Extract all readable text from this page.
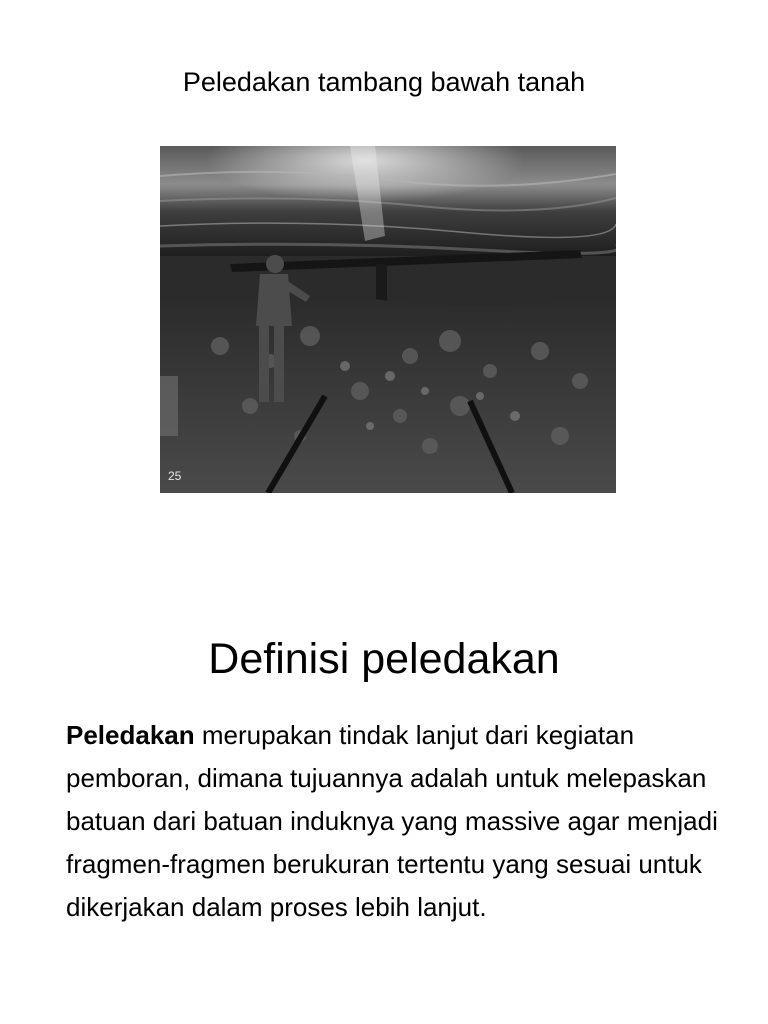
Peledakan tambang bawah tanah
25
Definisi peledakan

Peledakan merupakan tindak lanjut dari kegiatan pemboran, dimana tujuannya adalah untuk melepaskan batuan dari batuan induknya yang massive agar menjadi fragmen-fragmen berukuran tertentu yang sesuai untuk dikerjakan dalam proses lebih lanjut.
